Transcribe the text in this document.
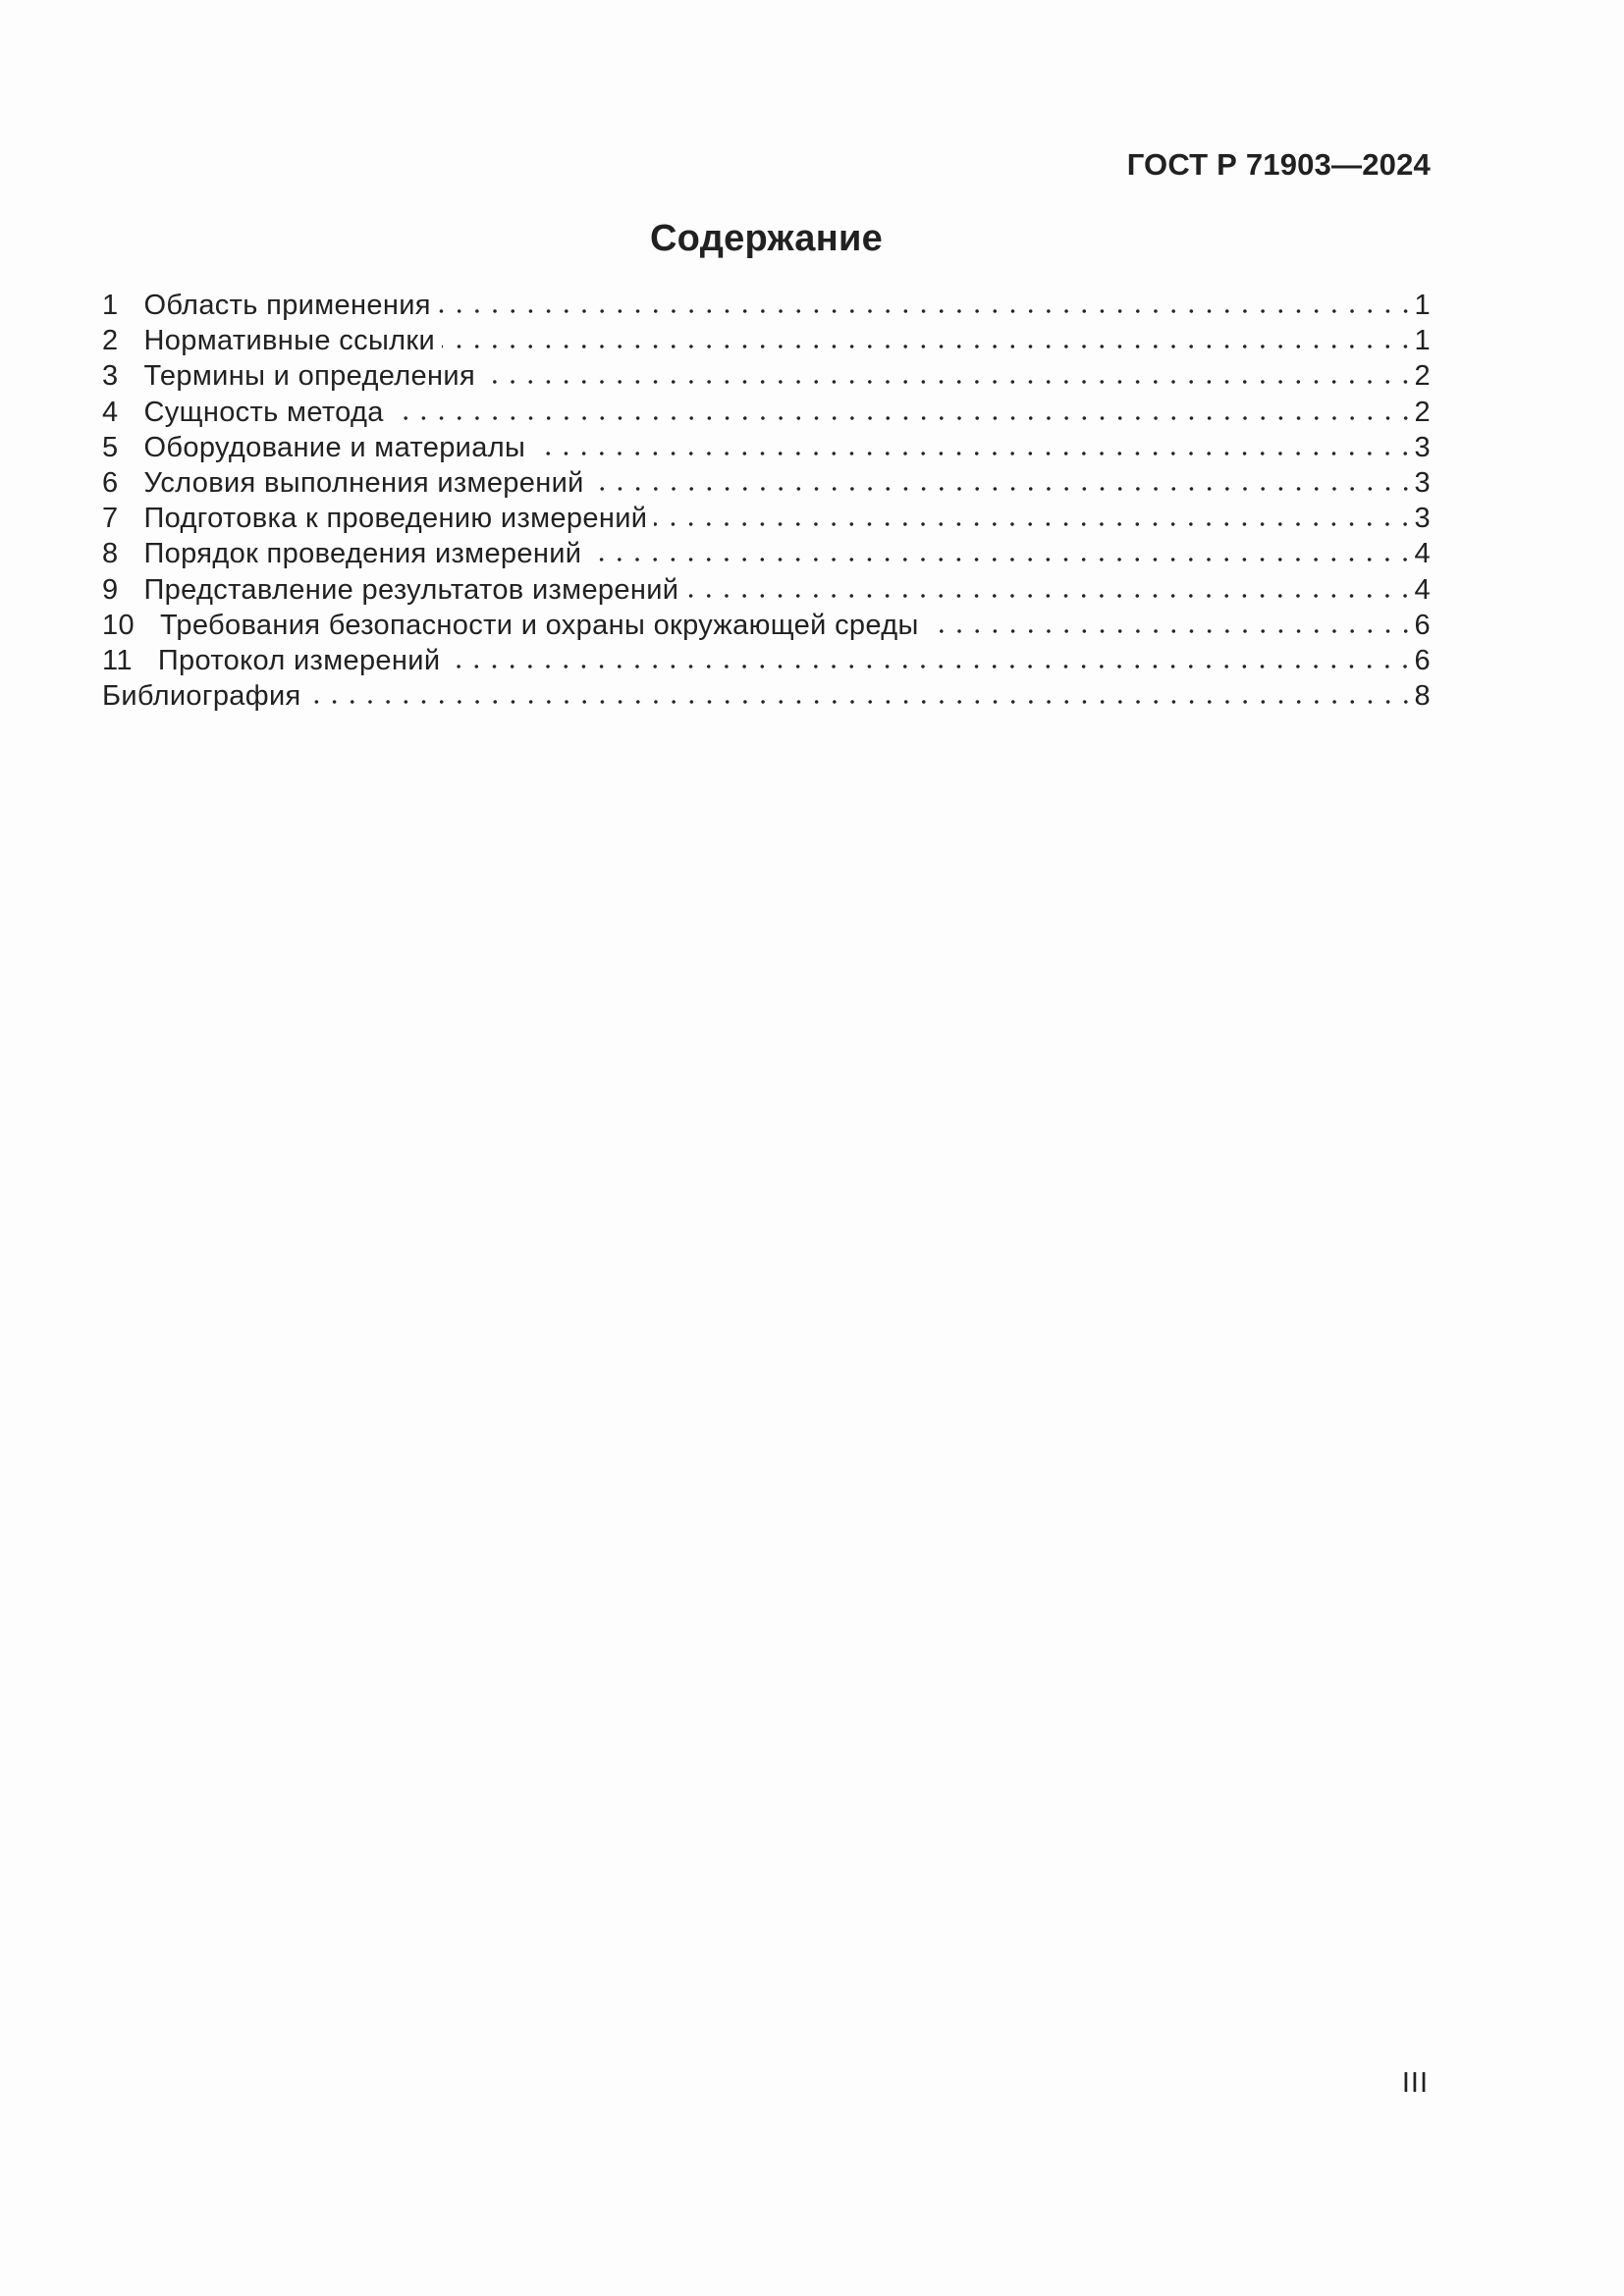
ГОСТ Р 71903—2024
Содержание
1 Область применения	1
2 Нормативные ссылки	1
3 Термины и определения	2
4 Сущность метода	2
5 Оборудование и материалы	3
6 Условия выполнения измерений	3
7 Подготовка к проведению измерений	3
8 Порядок проведения измерений	4
9 Представление результатов измерений	4
10 Требования безопасности и охраны окружающей среды	6
11 Протокол измерений	6
Библиография	8
III
